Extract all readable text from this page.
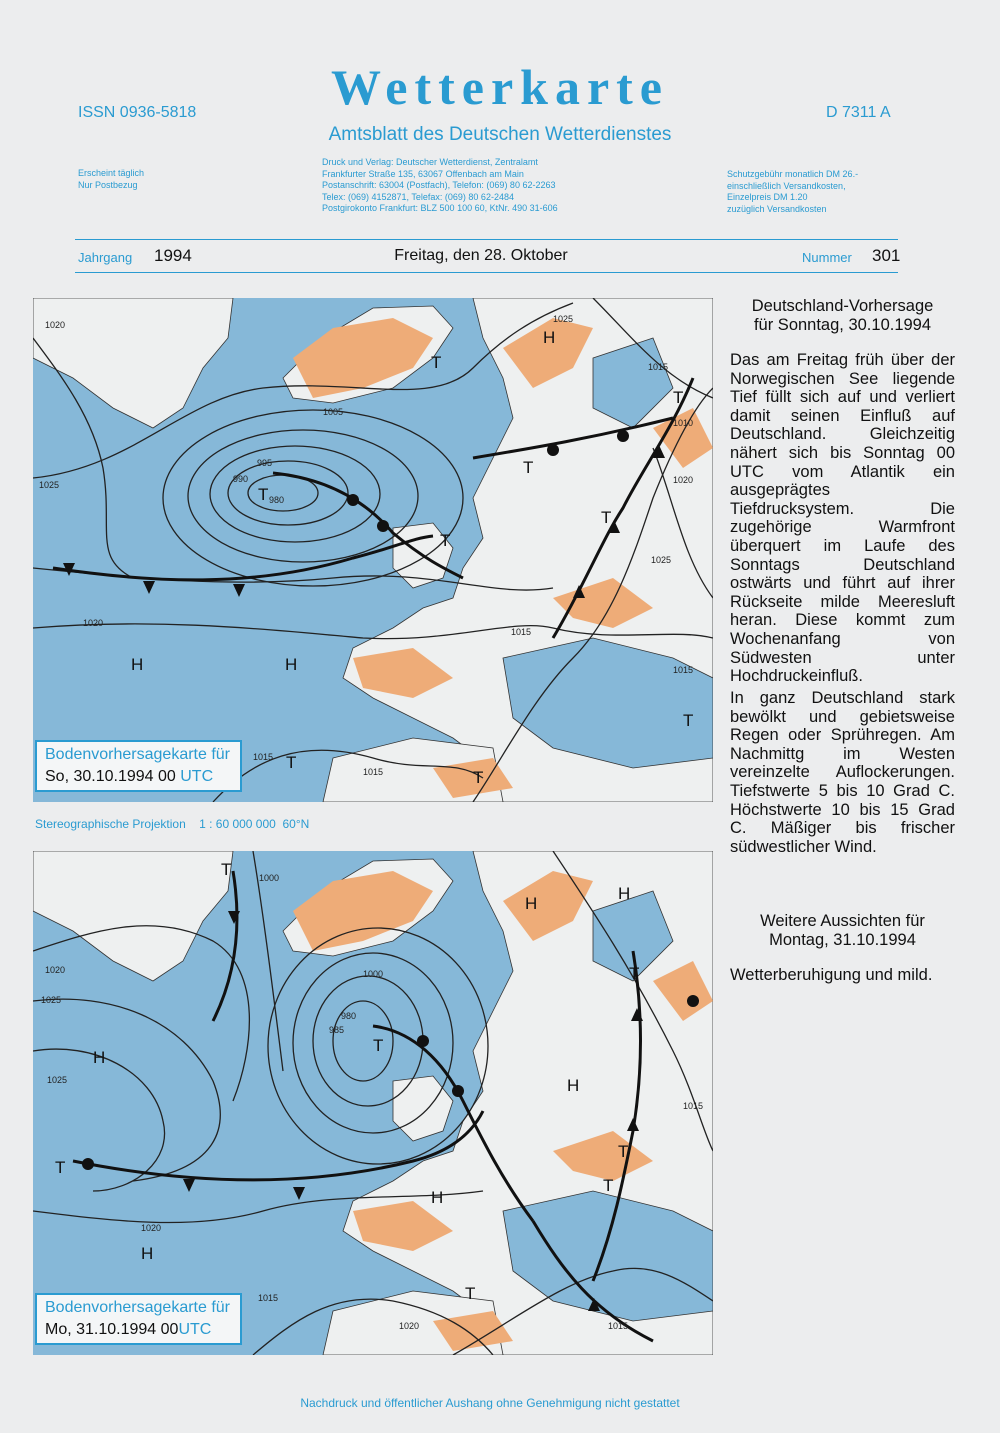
ISSN 0936-5818	Wetterkarte
Amtsblatt des Deutschen Wetterdienstes
D 7311 A
Erscheint täglich
Nur Postbezug
Druck und Verlag: Deutscher Wetterdienst, Zentralamt
Frankfurter Straße 135, 63067 Offenbach am Main
Postanschrift: 63004 (Postfach), Telefon: (069) 80 62-2263
Telex: (069) 4152871, Telefax: (069) 80 62-2484
Postgirokonto Frankfurt: BLZ 500 100 60, KtNr. 490 31-606
Schutzgebühr monatlich DM 26.-
einschließlich Versandkosten,
Einzelpreis DM 1.20
zuzüglich Versandkosten
Jahrgang 1994	Freitag, den 28. Oktober	Nummer 301
1020
1025
1005
995
990
980
1025
1015
1010
1020
1025
1020
1015
1015
1015
1015
H
T
T
T
T
T
T
H	H
T
T
T
Bodenvorhersagekarte für
So, 30.10.1994 00 UTC
Stereographische Projektion    1 : 60 000 000  60°N
1000
1020
1025
1025
1000
985
980
1020
1015
1020
1015
1015
T
T
H
H
T
T
H
T
H
H
T
H
T
Bodenvorhersagekarte für
Mo, 31.10.1994 00UTC
Deutschland-Vorhersage
für Sonntag, 30.10.1994
Das am Freitag früh über der Norwegischen See liegende Tief füllt sich auf und verliert damit seinen Einfluß auf Deutschland. Gleichzeitig nähert sich bis Sonntag 00 UTC vom Atlantik ein ausgeprägtes Tiefdrucksystem. Die zugehörige Warmfront überquert im Laufe des Sonntags Deutschland ostwärts und führt auf ihrer Rückseite milde Meeresluft heran. Diese kommt zum Wochenanfang von Südwesten unter Hochdruckeinfluß.
In ganz Deutschland stark bewölkt und gebietsweise Regen oder Sprühregen. Am Nachmittg im Westen vereinzelte Auflockerungen. Tiefstwerte 5 bis 10 Grad C. Höchstwerte 10 bis 15 Grad C. Mäßiger bis frischer südwestlicher Wind.
Weitere Aussichten für
Montag, 31.10.1994
Wetterberuhigung und mild.
Nachdruck und öffentlicher Aushang ohne Genehmigung nicht gestattet
